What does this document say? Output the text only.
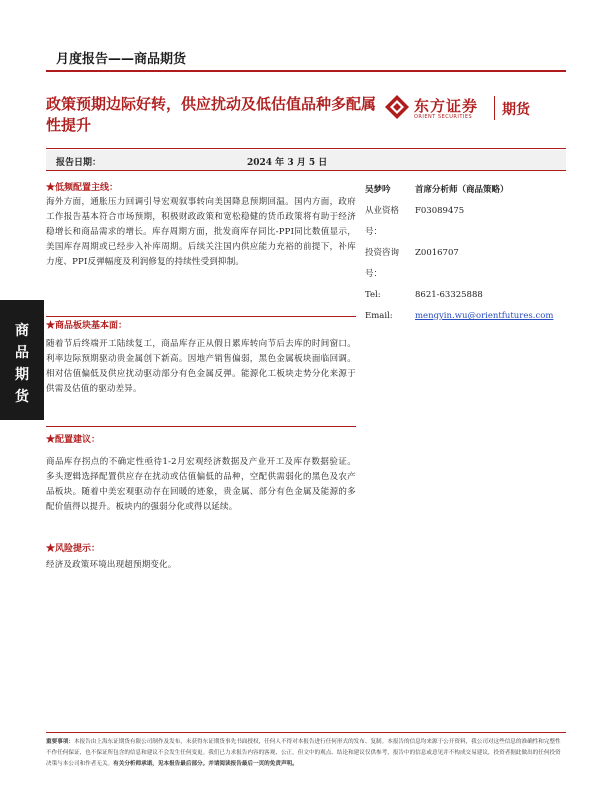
月度报告——商品期货
政策预期边际好转，供应扰动及低估值品种多配属性提升
东方证券
ORIENT SECURITIES 期货
报告日期：	2024 年 3 月 5 日
商
品
期
货
★低频配置主线：
海外方面，通胀压力回调引导宏观叙事转向美国降息预期回温。国内方面，政府工作报告基本符合市场预期，积极财政政策和宽松稳健的货币政策将有助于经济稳增长和商品需求的增长。库存周期方面，批发商库存同比-PPI同比数值显示，美国库存周期或已经步入补库周期。后续关注国内供应能力充裕的前提下，补库力度、PPI反弹幅度及利润修复的持续性受到抑制。
★商品板块基本面：
随着节后终端开工陆续复工，商品库存正从假日累库转向节后去库的时间窗口。利率边际预期驱动贵金属创下新高。因地产销售偏弱，黑色金属板块面临回调。相对估值偏低及供应扰动驱动部分有色金属反弹。能源化工板块走势分化来源于供需及估值的驱动差异。
★配置建议：
商品库存拐点的不确定性亟待1-2月宏观经济数据及产业开工及库存数据验证。多头逻辑选择配置供应存在扰动或估值偏低的品种，空配供需弱化的黑色及农产品板块。随着中美宏观驱动存在回暖的迹象，贵金属、部分有色金属及能源的多配价值得以提升。板块内的强弱分化或得以延续。
★风险提示：
经济及政策环境出现超预期变化。
吴梦吟	首席分析师（商品策略）
从业资格号：
F03089475
投资咨询号：
Z0016707
Tel:	8621-63325888
Email:	mengyin.wu@orientfutures.com
重要事项：本报告由上海东证期货有限公司制作及发布，未获得东证期货事先书面授权，任何人不得对本报告进行任何形式的发布、复制。本报告的信息均来源于公开资料，我公司对这些信息的准确性和完整性不作任何保证，也不保证所包含的信息和建议不会发生任何变更。我们已力求报告内容的客观、公正，但文中的观点、结论和建议仅供参考，报告中的信息或意见并不构成交易建议，投资者据此做出的任何投资决策与本公司和作者无关。有关分析师承诺，见本报告最后部分。并请阅读报告最后一页的免责声明。
